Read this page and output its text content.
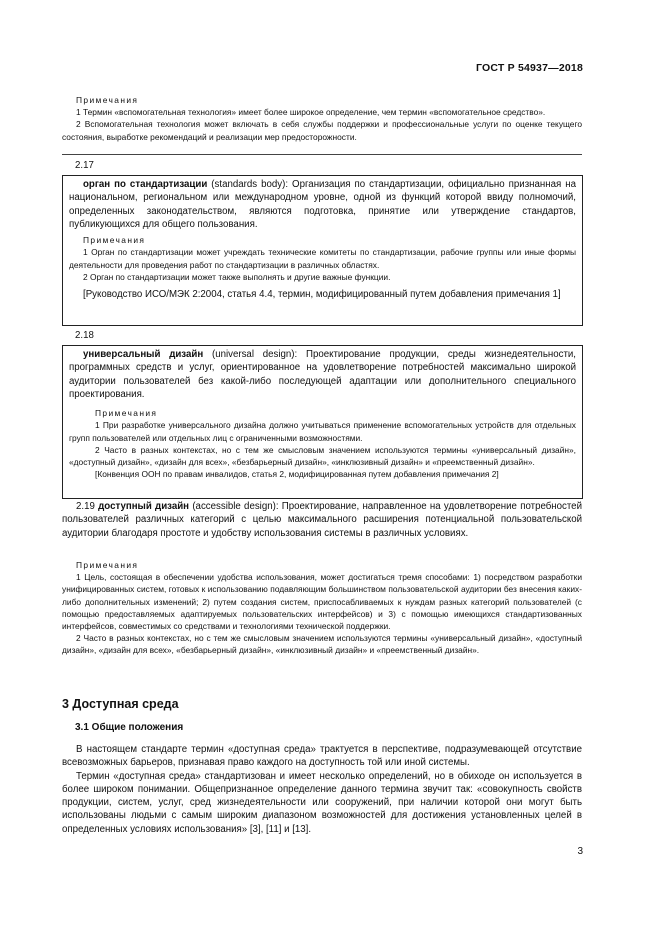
ГОСТ Р 54937—2018

Примечания

1 Термин «вспомогательная технология» имеет более широкое определение, чем термин «вспомогательное средство».

2 Вспомогательная технология может включать в себя службы поддержки и профессиональные услуги по оценке текущего состояния, выработке рекомендаций и реализации мер предосторожности.

2.17

орган по стандартизации (standards body): Организация по стандартизации, официально признанная на национальном, региональном или международном уровне, одной из функций которой ввиду полномочий, определенных законодательством, являются подготовка, принятие или утверждение стандартов, публикующихся для общего пользования.

Примечания

1 Орган по стандартизации может учреждать технические комитеты по стандартизации, рабочие группы или иные формы деятельности для проведения работ по стандартизации в различных областях.

2 Орган по стандартизации может также выполнять и другие важные функции.

[Руководство ИСО/МЭК 2:2004, статья 4.4, термин, модифицированный путем добавления примечания 1]

2.18

универсальный дизайн (universal design): Проектирование продукции, среды жизнедеятельности, программных средств и услуг, ориентированное на удовлетворение потребностей максимально широкой аудитории пользователей без какой-либо последующей адаптации или дополнительного специального проектирования.

Примечания

1 При разработке универсального дизайна должно учитываться применение вспомогательных устройств для отдельных групп пользователей или отдельных лиц с ограниченными возможностями.

2 Часто в разных контекстах, но с тем же смысловым значением используются термины «универсальный дизайн», «доступный дизайн», «дизайн для всех», «безбарьерный дизайн», «инклюзивный дизайн» и «преемственный дизайн».

[Конвенция ООН по правам инвалидов, статья 2, модифицированная путем добавления примечания 2]

2.19 доступный дизайн (accessible design): Проектирование, направленное на удовлетворение потребностей пользователей различных категорий с целью максимального расширения потенциальной пользовательской аудитории благодаря простоте и удобству использования системы в различных условиях.

Примечания

1 Цель, состоящая в обеспечении удобства использования, может достигаться тремя способами: 1) посредством разработки унифицированных систем, готовых к использованию подавляющим большинством пользовательской аудитории без внесения каких-либо дополнительных изменений; 2) путем создания систем, приспосабливаемых к нуждам разных категорий пользователей (с помощью предоставляемых адаптируемых пользовательских интерфейсов) и 3) с помощью имеющихся стандартизованных интерфейсов, совместимых со средствами и технологиями технической поддержки.

2 Часто в разных контекстах, но с тем же смысловым значением используются термины «универсальный дизайн», «доступный дизайн», «дизайн для всех», «безбарьерный дизайн», «инклюзивный дизайн» и «преемственный дизайн».

3 Доступная среда
3.1 Общие положения

В настоящем стандарте термин «доступная среда» трактуется в перспективе, подразумевающей отсутствие всевозможных барьеров, признавая право каждого на доступность той или иной системы.

Термин «доступная среда» стандартизован и имеет несколько определений, но в обиходе он используется в более широком понимании. Общепризнанное определение данного термина звучит так: «совокупность свойств продукции, систем, услуг, сред жизнедеятельности или сооружений, при наличии которой они могут быть использованы людьми с самым широким диапазоном возможностей для достижения установленных целей в определенных условиях использования» [3], [11] и [13].

3
